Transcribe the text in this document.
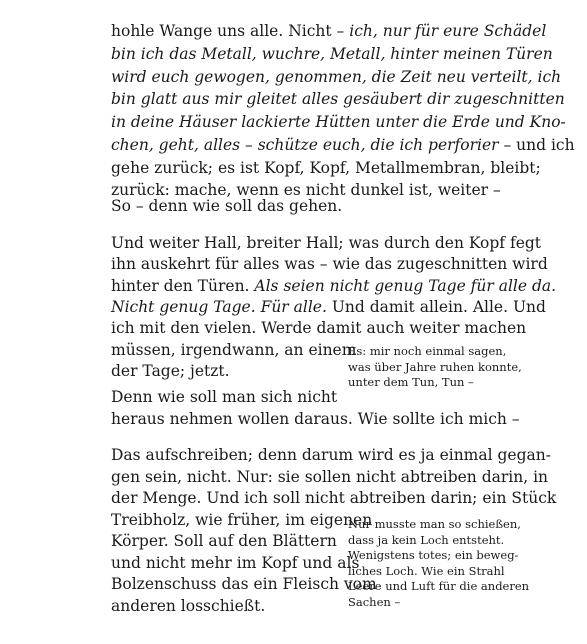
hohle Wange uns alle. Nicht – ich, nur für eure Schädel
bin ich das Metall, wuchre, Metall, hinter meinen Türen
wird euch gewogen, genommen, die Zeit neu verteilt, ich
bin glatt aus mir gleitet alles gesäubert dir zugeschnitten
in deine Häuser lackierte Hütten unter die Erde und Kno-
chen, geht, alles – schütze euch, die ich perforier – und ich
gehe zurück; es ist Kopf, Kopf, Metallmembran, bleibt;
zurück: mache, wenn es nicht dunkel ist, weiter –
So – denn wie soll das gehen.
Und weiter Hall, breiter Hall; was durch den Kopf fegt
ihn auskehrt für alles was – wie das zugeschnitten wird
hinter den Türen. Als seien nicht genug Tage für alle da.
Nicht genug Tage. Für alle. Und damit allein. Alle. Und
ich mit den vielen. Werde damit auch weiter machen
müssen, irgendwann, an einem
der Tage; jetzt.
Es: mir noch einmal sagen,
was über Jahre ruhen konnte,
unter dem Tun, Tun –
Denn wie soll man sich nicht
heraus nehmen wollen daraus. Wie sollte ich mich –
Das aufschreiben; denn darum wird es ja einmal gegan-
gen sein, nicht. Nur: sie sollen nicht abtreiben darin, in
der Menge. Und ich soll nicht abtreiben darin; ein Stück
Treibholz, wie früher, im eigenen
Körper. Soll auf den Blättern
und nicht mehr im Kopf und als
Bolzenschuss das ein Fleisch vom
anderen losschießt.
Nur musste man so schießen,
dass ja kein Loch entsteht.
Wenigstens totes; ein beweg-
liches Loch. Wie ein Strahl
Leere und Luft für die anderen
Sachen –
